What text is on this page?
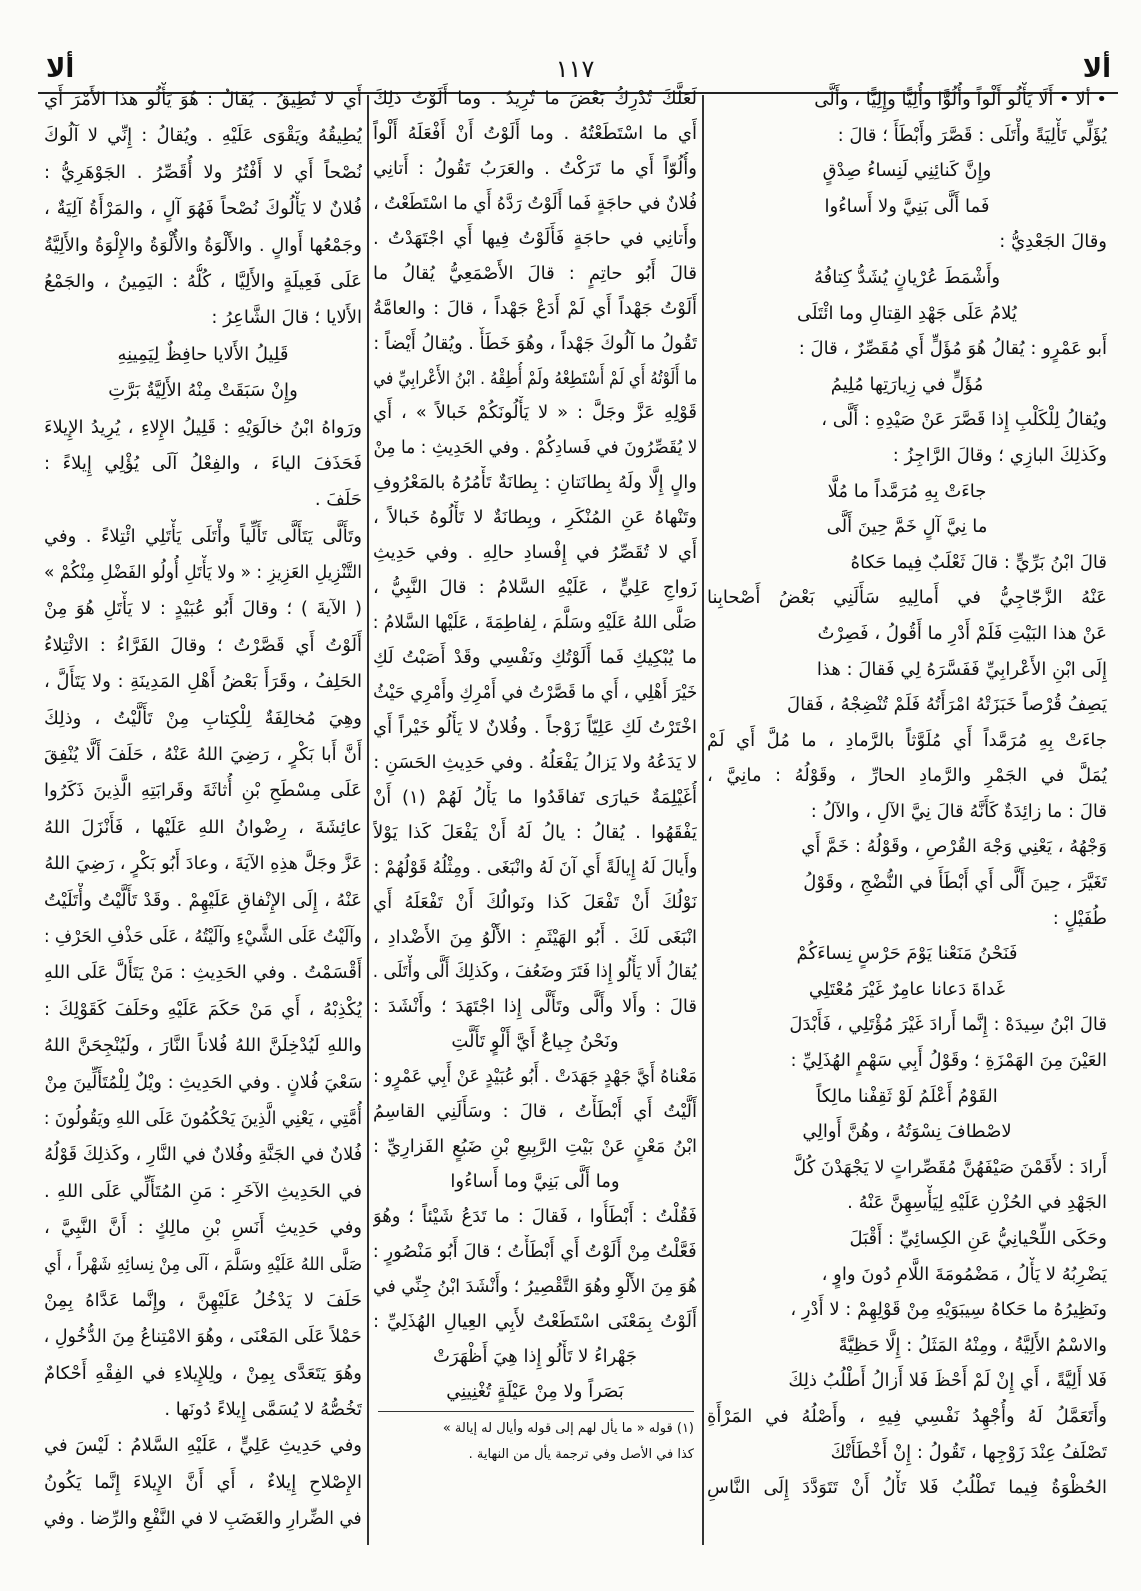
ألا
١١٧
ألا
• ألا • أَلَا يَأْلُو أَلْواً وأُلُوًّا وأُلِيًّا وإِلِيًّا ، وأَلَّى
يُؤَلِّي تَأْلِيَةً وأْتَلَى : قَصَّرَ وأَبْطَأَ ؛ قالَ :
وإِنَّ كَنائِنِي لَنِساءُ صِدْقٍ
فَما أَلَّى بَنِيَّ ولا أَساءُوا
وقالَ الجَعْدِيُّ :
وأَشْمَطَ عُرْيانٍ يُشَدُّ كِتافُهُ
يُلامُ عَلَى جَهْدِ القِتالِ وما ائْتَلَى
أَبو عَمْرٍو : يُقالُ هُوَ مُؤَلٍّ أَي مُقَصِّرٌ ، قالَ :
مُؤَلٍّ في زِيارَتِها مُلِيمُ
ويُقالُ لِلْكَلْبِ إِذا قَصَّرَ عَنْ صَيْدِهِ : أَلَّى ،
وكَذلِكَ البازِي ؛ وقالَ الرَّاجِزُ :
جاءَتْ بِهِ مُرَمَّداً ما مُلَّا
ما نِيَّ آلٍ خَمَّ حِينَ أَلَّى
قالَ ابْنُ بَرِّيٍّ : قالَ ثَعْلَبٌ فِيما حَكاهُ
عَنْهُ الزَّجّاجِيُّ في أَمالِيهِ سَأَلَنِي بَعْضُ أَصْحابِنا
عَنْ هذا البَيْتِ فَلَمْ أَدْرِ ما أَقُولُ ، فَصِرْتُ
إِلَى ابْنِ الأَعْرابِيِّ فَفَسَّرَهُ لِي فَقالَ : هذا
يَصِفُ قُرْصاً خَبَزَتْهُ امْرَأَتُهُ فَلَمْ تُنْضِجْهُ ، فَقالَ
جاءَتْ بِهِ مُرَمَّداً أَي مُلَوَّثاً بالرَّمادِ ، ما مُلَّ أَي لَمْ
يُمَلَّ في الجَمْرِ والرَّمادِ الحارِّ ، وقَوْلُهُ : مانِيَّ ،
قالَ : ما زائِدَةٌ كَأَنَّهُ قالَ نِيَّ الآلِ ، والآلُ :
وَجْهُهُ ، يَعْنِي وَجْهَ القُرْصِ ، وقَوْلُهُ : خَمَّ أَي
تَغَيَّرَ ، حِينَ أَلَّى أَي أَبْطَأَ في النُّضْجِ ، وقَوْلُ
طُفَيْلٍ :
فَنَحْنُ مَنَعْنا يَوْمَ حَرْسٍ نِساءَكُمْ
غَداةَ دَعانا عامِرٌ غَيْرَ مُعْتَلِي
قالَ ابْنُ سِيدَهْ : إِنَّما أَرادَ غَيْرَ مُؤْتَلِي ، فَأَبْدَلَ
العَيْنَ مِنَ الهَمْزَةِ ؛ وقَوْلُ أَبِي سَهْمٍ الهُذَلِيِّ :
القَوْمُ أَعْلَمُ لَوْ ثَقِفْنا مالِكاً
لاصْطافَ نِسْوَتُهُ ، وهُنَّ أَوالِي
أَرادَ : لأَقَمْنَ صَيْفَهُنَّ مُقَصِّراتٍ لا يَجْهَدْنَ كُلَّ
الجَهْدِ في الحُزْنِ عَلَيْهِ لِيَأْسِهِنَّ عَنْهُ .
وحَكَى اللِّحْيانِيُّ عَنِ الكِسائِيِّ : أَقْبَلَ
يَضْرِبُهُ لا يَأْلُ ، مَضْمُومَةَ اللَّامِ دُونَ واوٍ ،
ونَظِيرُهُ ما حَكاهُ سِيبَوَيْهِ مِنْ قَوْلِهِمْ : لا أَدْرِ ،
والاسْمُ الأَلِيَّةُ ، ومِنْهُ المَثَلُ : إِلَّا حَظِيَّةً
فَلا أَلِيَّةً ، أَي إِنْ لَمْ أَحْظَ فَلا أَزالُ أَطْلُبُ ذلِكَ
وأَتَعَمَّلُ لَهُ وأُجْهِدُ نَفْسِي فِيهِ ، وأَصْلُهُ في المَرْأَةِ
تَصْلَفُ عِنْدَ زَوْجِها ، تَقُولُ : إِنْ أَخْطَأَتْكَ
الحُظْوَةُ فِيما تَطْلُبُ فَلا تَأْلُ أَنْ تَتَوَدَّدَ إِلَى النَّاسِ
لَعَلَّكَ تُدْرِكُ بَعْضَ ما تُرِيدُ . وما أَلَوْتُ ذلِكَ
أَي ما اسْتَطَعْتُهُ . وما أَلَوْتُ أَنْ أَفْعَلَهُ أَلْواً
وأُلُوّاً أَي ما تَرَكْتُ . والعَرَبُ تَقُولُ : أَتانِي
فُلانٌ في حاجَةٍ فَما أَلَوْتُ رَدَّهُ أَي ما اسْتَطَعْتُ ،
وأَتانِي في حاجَةٍ فَأَلَوْتُ فِيها أَي اجْتَهَدْتُ .
قالَ أَبُو حاتِمٍ : قالَ الأَصْمَعِيُّ يُقالُ ما
أَلَوْتُ جَهْداً أَي لَمْ أَدَعْ جَهْداً ، قالَ : والعامَّةُ
تَقُولُ ما آلُوكَ جَهْداً ، وهُوَ خَطَأٌ . ويُقالُ أَيْضاً :
ما أَلَوْتُهُ أَي لَمْ أَسْتَطِعْهُ ولَمْ أُطِقْهُ . ابْنُ الأَعْرابِيِّ في
قَوْلِهِ عَزَّ وجَلَّ : « لا يَأْلُونَكُمْ خَبالاً » ، أَي
لا يُقَصِّرُونَ في فَسادِكُمْ . وفي الحَدِيثِ : ما مِنْ
والٍ إِلَّا ولَهُ بِطانَتانِ : بِطانَةٌ تَأْمُرُهُ بالمَعْرُوفِ
وتَنْهاهُ عَنِ المُنْكَرِ ، وبِطانَةٌ لا تَأْلُوهُ خَبالاً ،
أَي لا تُقَصِّرُ في إِفْسادِ حالِهِ . وفي حَدِيثِ
زَواجِ عَلِيٍّ ، عَلَيْهِ السَّلامُ : قالَ النَّبِيُّ ،
صَلَّى اللهُ عَلَيْهِ وسَلَّمَ ، لِفاطِمَةَ ، عَلَيْها السَّلامُ :
ما يُبْكِيكِ فَما أَلَوْتُكِ ونَفْسِي وقَدْ أَصَبْتُ لَكِ
خَيْرَ أَهْلِي ، أَي ما قَصَّرْتُ في أَمْرِكِ وأَمْرِي حَيْثُ
اخْتَرْتُ لَكِ عَلِيّاً زَوْجاً . وفُلانٌ لا يَأْلُو خَيْراً أَي
لا يَدَعُهُ ولا يَزالُ يَفْعَلُهُ . وفي حَدِيثِ الحَسَنِ :
أُغَيْلِمَةٌ حَيارَى تَفاقَدُوا ما يَأْلُ لَهُمْ (١) أَنْ
يَفْقَهُوا . يُقالُ : يالُ لَهُ أَنْ يَفْعَلَ كَذا يَوْلاً
وأَيالَ لَهُ إِيالَةً أَي آنَ لَهُ وانْبَغَى . ومِثْلُهُ قَوْلُهُمْ :
نَوْلُكَ أَنْ تَفْعَلَ كَذا ونَوالُكَ أَنْ تَفْعَلَهُ أَي
انْبَغَى لَكَ . أَبُو الهَيْثَمِ : الأَلْوُ مِنَ الأَضْدادِ ،
يُقالُ أَلا يَأْلُو إِذا فَتَرَ وضَعُفَ ، وكَذلِكَ أَلَّى وأْتَلَى .
قالَ : وأَلا وأَلَّى وتَأَلَّى إِذا اجْتَهَدَ ؛ وأَنْشَدَ :
ونَحْنُ جِياعٌ أَيَّ أَلْوٍ تَأَلَّتِ
مَعْناهُ أَيَّ جَهْدٍ جَهَدَتْ . أَبُو عُبَيْدٍ عَنْ أَبِي عَمْرٍو :
أَلَّيْتُ أَي أَبْطَأْتُ ، قالَ : وسَأَلَنِي القاسِمُ
ابْنُ مَعْنٍ عَنْ بَيْتِ الرَّبِيعِ بْنِ ضَبُعٍ الفَزارِيِّ :
وما أَلَّى بَنِيَّ وما أَساءُوا
فَقُلْتُ : أَبْطَأُوا ، فَقالَ : ما تَدَعُ شَيْئاً ؛ وهُوَ
فَعَّلْتُ مِنْ أَلَوْتُ أَي أَبْطَأْتُ ؛ قالَ أَبُو مَنْصُورٍ :
هُوَ مِنَ الأَلْوِ وهُوَ التَّقْصِيرُ ؛ وأَنْشَدَ ابْنُ جِنِّي في
أَلَوْتُ بِمَعْنَى اسْتَطَعْتُ لأَبِي العِيالِ الهُذَلِيِّ :
جَهْراءُ لا تَأْلُو إِذا هِيَ أَظْهَرَتْ
بَصَراً ولا مِنْ عَيْلَةٍ تُغْنِينِي
أَي لا تُطِيقُ . يُقالُ : هُوَ يَأْلُو هذا الأَمْرَ أَي
يُطِيقُهُ ويَقْوَى عَلَيْهِ . ويُقالُ : إِنِّي لا آلُوكَ
نُصْحاً أَي لا أَفْتُرُ ولا أُقَصِّرُ . الجَوْهَرِيُّ :
فُلانٌ لا يَأْلُوكَ نُصْحاً فَهُوَ آلٍ ، والمَرْأَةُ آلِيَةٌ ،
وجَمْعُها أَوالٍ . والأَلْوَةُ والأُلْوَةُ والإِلْوَةُ والأَلِيَّةُ
عَلَى فَعِيلَةٍ والأَلِيَّا ، كُلُّهُ : اليَمِينُ ، والجَمْعُ
الأَلايا ؛ قالَ الشَّاعِرُ :
قَلِيلُ الأَلايا حافِظٌ لِيَمِينِهِ
وإِنْ سَبَقَتْ مِنْهُ الأَلِيَّةُ بَرَّتِ
ورَواهُ ابْنُ خالَوَيْهِ : قَلِيلُ الإِلاءِ ، يُرِيدُ الإِيلاءَ
فَحَذَفَ الياءَ ، والفِعْلُ آلَى يُؤْلِي إِيلاءً :
حَلَفَ .
وتَأَلَّى يَتَأَلَّى تَأَلِّياً وأْتَلَى يَأْتَلِي ائْتِلاءً . وفي
التَّنْزِيلِ العَزِيزِ : « ولا يَأْتَلِ أُولُو الفَضْلِ مِنْكُمْ »
( الآيةَ ) ؛ وقالَ أَبُو عُبَيْدٍ : لا يَأْتَلِ هُوَ مِنْ
أَلَوْتُ أَي قَصَّرْتُ ؛ وقالَ الفَرَّاءُ : الائْتِلاءُ
الحَلِفُ ، وقَرَأَ بَعْضُ أَهْلِ المَدِينَةِ : ولا يَتَأَلَّ ،
وهِيَ مُخالِفَةٌ لِلْكِتابِ مِنْ تَأَلَّيْتُ ، وذلِكَ
أَنَّ أَبا بَكْرٍ ، رَضِيَ اللهُ عَنْهُ ، حَلَفَ أَلَّا يُنْفِقَ
عَلَى مِسْطَحِ بْنِ أُثاثَةَ وقَرابَتِهِ الَّذِينَ ذَكَرُوا
عائِشَةَ ، رِضْوانُ اللهِ عَلَيْها ، فَأَنْزَلَ اللهُ
عَزَّ وجَلَّ هذِهِ الآيَةَ ، وعادَ أَبُو بَكْرٍ ، رَضِيَ اللهُ
عَنْهُ ، إِلَى الإِنْفاقِ عَلَيْهِمْ . وقَدْ تَأَلَّيْتُ وأْتَلَيْتُ
وآلَيْتُ عَلَى الشَّيْءِ وآلَيْتُهُ ، عَلَى حَذْفِ الحَرْفِ :
أَقْسَمْتُ . وفي الحَدِيثِ : مَنْ يَتَأَلَّ عَلَى اللهِ
يُكْذِبْهُ ، أَي مَنْ حَكَمَ عَلَيْهِ وحَلَفَ كَقَوْلِكَ :
واللهِ لَيُدْخِلَنَّ اللهُ فُلاناً النَّارَ ، ولَيُنْجِحَنَّ اللهُ
سَعْيَ فُلانٍ . وفي الحَدِيثِ : ويْلٌ لِلْمُتَأَلِّينَ مِنْ
أُمَّتِي ، يَعْنِي الَّذِينَ يَحْكُمُونَ عَلَى اللهِ ويَقُولُونَ :
فُلانٌ في الجَنَّةِ وفُلانٌ في النَّارِ ، وكَذلِكَ قَوْلُهُ
في الحَدِيثِ الآخَرِ : مَنِ المُتَأَلِّي عَلَى اللهِ .
وفي حَدِيثِ أَنَسِ بْنِ مالِكٍ : أَنَّ النَّبِيَّ ،
صَلَّى اللهُ عَلَيْهِ وسَلَّمَ ، آلَى مِنْ نِسائِهِ شَهْراً ، أَي
حَلَفَ لا يَدْخُلُ عَلَيْهِنَّ ، وإِنَّما عَدَّاهُ بِمِنْ
حَمْلاً عَلَى المَعْنَى ، وهُوَ الامْتِناعُ مِنَ الدُّخُولِ ،
وهُوَ يَتَعَدَّى بِمِنْ ، ولِلإِيلاءِ في الفِقْهِ أَحْكامٌ
تَخُصُّهُ لا يُسَمَّى إِيلاءً دُونَها .
وفي حَدِيثِ عَلِيٍّ ، عَلَيْهِ السَّلامُ : لَيْسَ في
الإِصْلاحِ إِيلاءٌ ، أَي أَنَّ الإِيلاءَ إِنَّما يَكُونُ
في الضِّرارِ والغَضَبِ لا في النَّفْعِ والرِّضا . وفي
(١) قوله « ما يأل لهم إلى قوله وأيال له إيالة »
كذا في الأصل وفي ترجمة يأل من النهاية .
